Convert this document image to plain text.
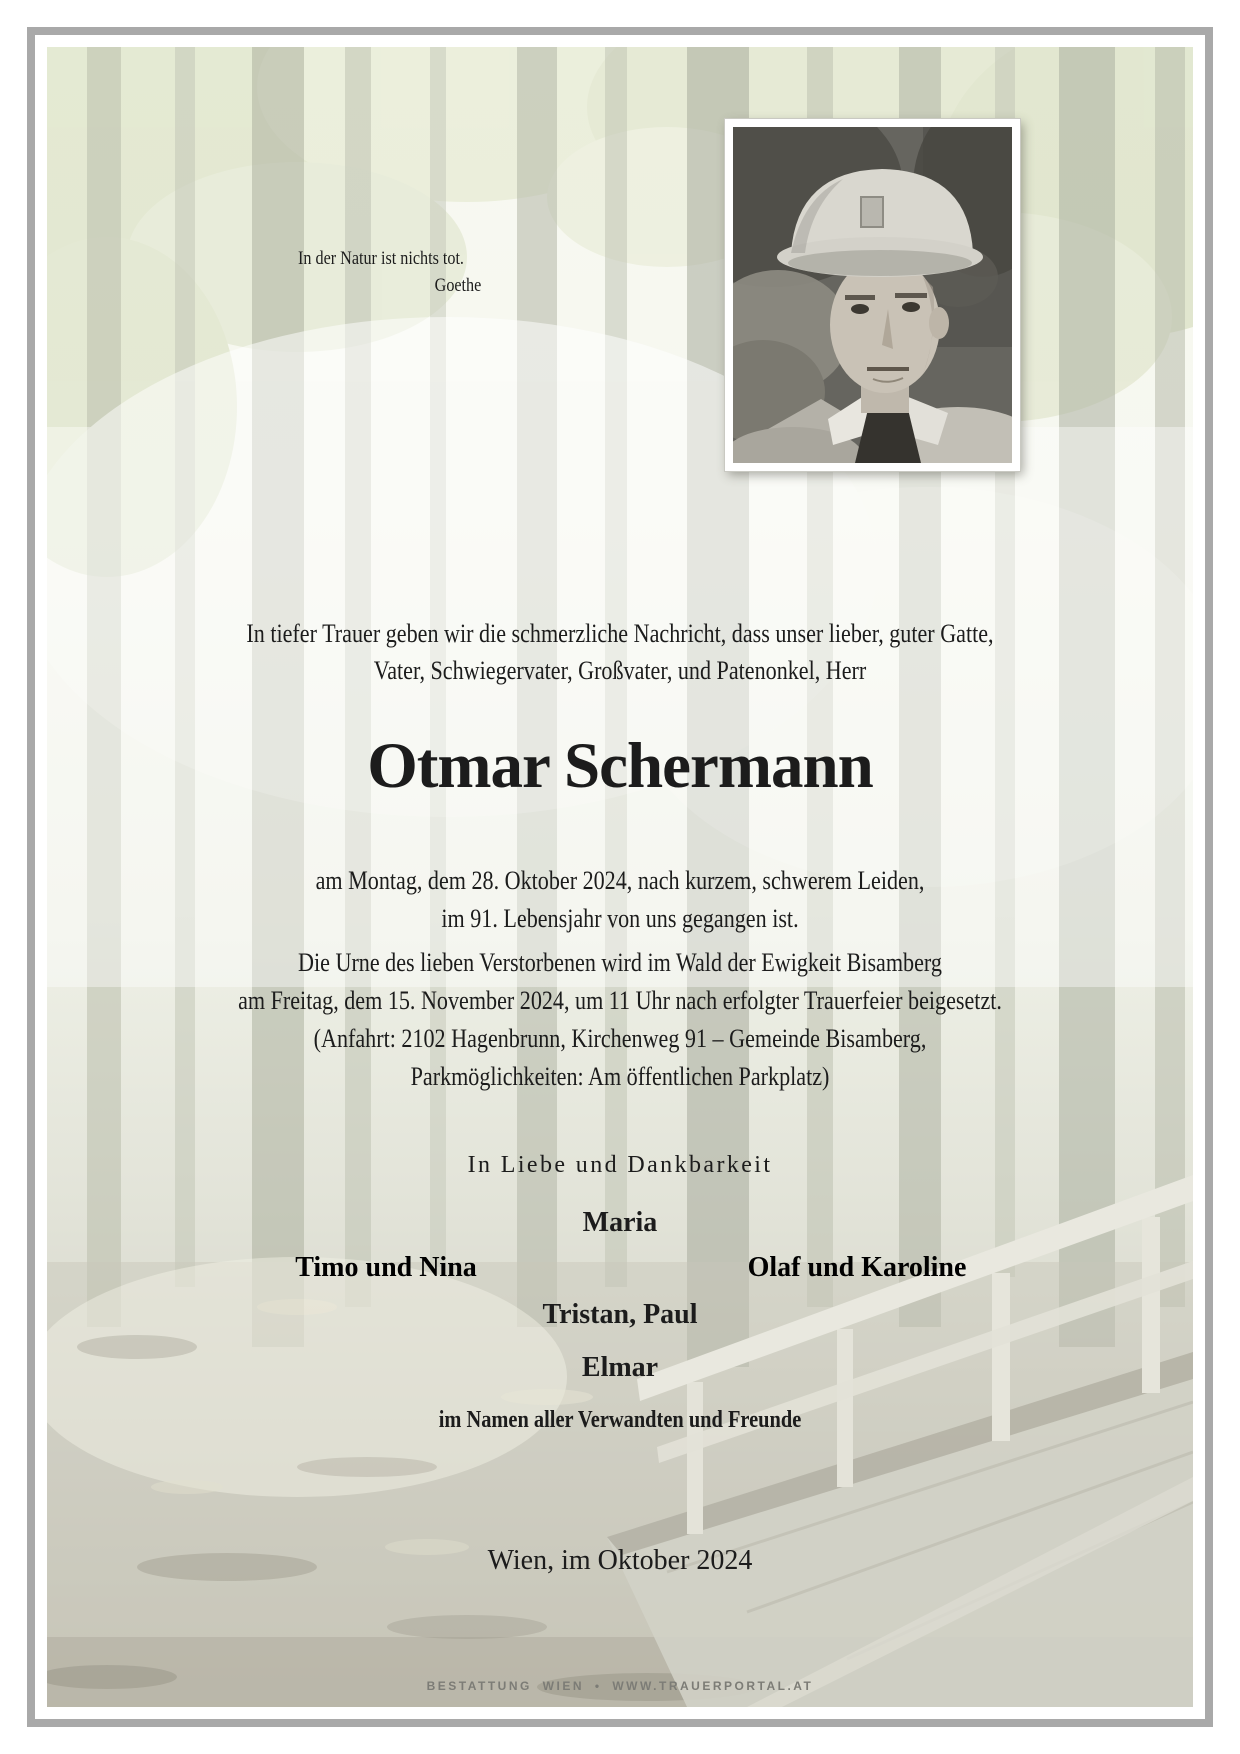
In der Natur ist nichts tot.
Goethe
In tiefer Trauer geben wir die schmerzliche Nachricht, dass unser lieber, guter Gatte,
Vater, Schwiegervater, Großvater, und Patenonkel, Herr
Otmar Schermann
am Montag, dem 28. Oktober 2024, nach kurzem, schwerem Leiden,
im 91. Lebensjahr von uns gegangen ist.
Die Urne des lieben Verstorbenen wird im Wald der Ewigkeit Bisamberg
am Freitag, dem 15. November 2024, um 11 Uhr nach erfolgter Trauerfeier beigesetzt.
(Anfahrt: 2102 Hagenbrunn, Kirchenweg 91 – Gemeinde Bisamberg,
Parkmöglichkeiten: Am öffentlichen Parkplatz)
In Liebe und Dankbarkeit
Maria
Timo und Nina	Olaf und Karoline
Tristan, Paul
Elmar
im Namen aller Verwandten und Freunde
Wien, im Oktober 2024
BESTATTUNG WIEN • WWW.TRAUERPORTAL.AT
